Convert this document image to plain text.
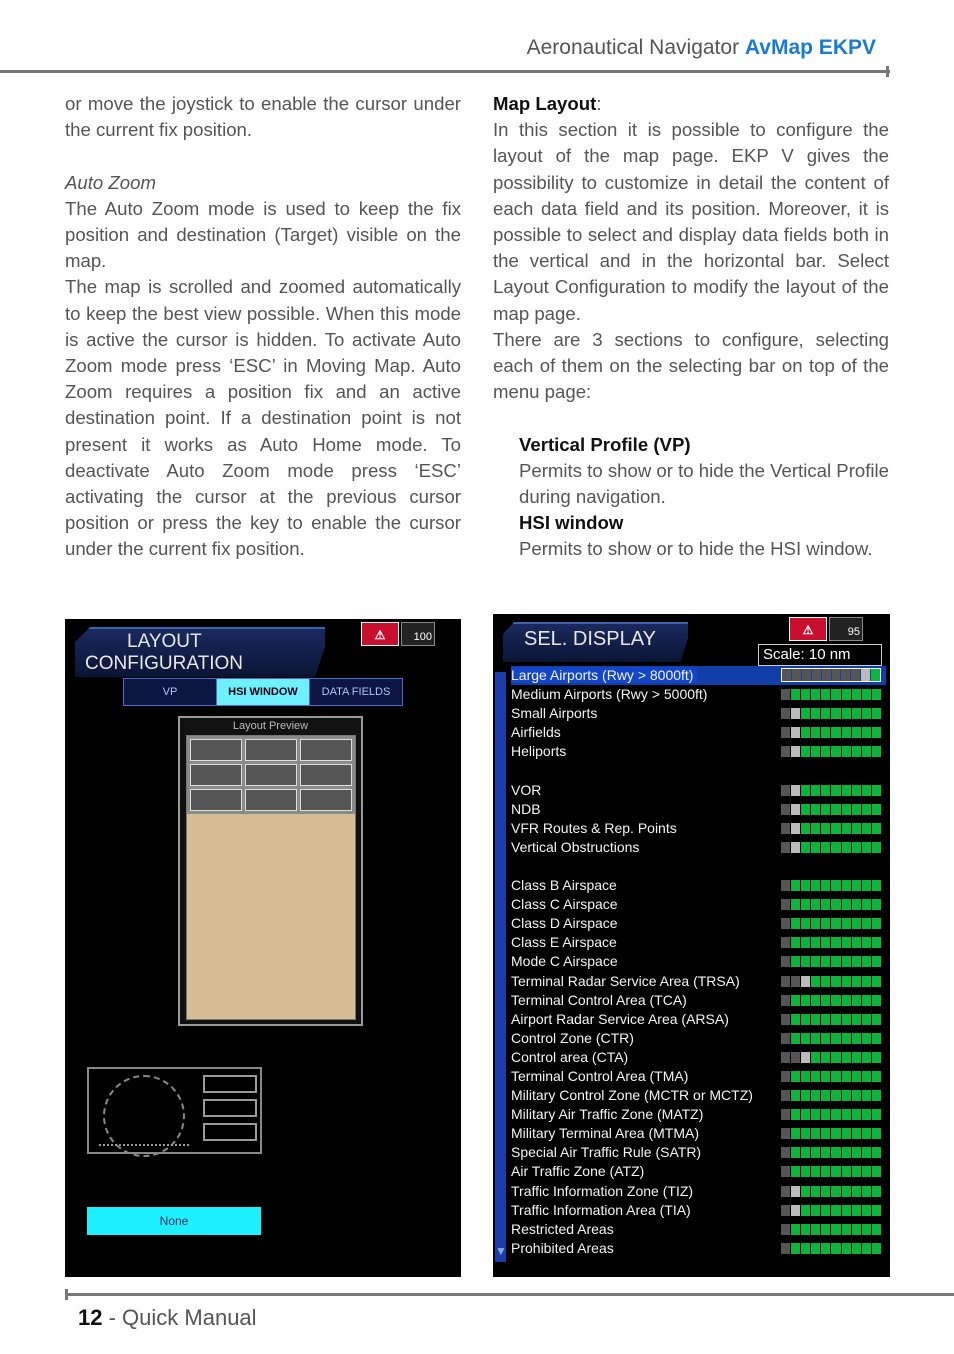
Aeronautical Navigator AvMap EKPV

or move the joystick to enable the cursor under the current fix position.

Auto Zoom

The Auto Zoom mode is used to keep the fix position and destination (Target) visible on the map.

The map is scrolled and zoomed automatically to keep the best view possible. When this mode is active the cursor is hidden. To activate Auto Zoom mode press ‘ESC’ in Moving Map. Auto Zoom requires a position fix and an active destination point. If a destination point is not present it works as Auto Home mode. To deactivate Auto Zoom mode press ‘ESC’ activating the cursor at the previous cursor position or press the key to enable the cursor under the current fix position.

Map Layout:

In this section it is possible to configure the layout of the map page. EKP V gives the possibility to customize in detail the content of each data field and its position. Moreover, it is possible to select and display data fields both in the vertical and in the horizontal bar. Select Layout Configuration to modify the layout of the map page.

There are 3 sections to configure, selecting each of them on the selecting bar on top of the menu page:

Vertical Profile (VP)

Permits to show or to hide the Vertical Profile during navigation.

HSI window

Permits to show or to hide the HSI window.

LAYOUT
CONFIGURATION
⚠	100
VP	HSI WINDOW	DATA FIELDS
Layout Preview
None
SEL. DISPLAY	⚠	95
Scale: 10 nm
▼
Large Airports (Rwy > 8000ft)
Medium Airports (Rwy > 5000ft)
Small Airports
Airfields
Heliports
VOR
NDB
VFR Routes & Rep. Points
Vertical Obstructions
Class B Airspace
Class C Airspace
Class D Airspace
Class E Airspace
Mode C Airspace
Terminal Radar Service Area (TRSA)
Terminal Control Area (TCA)
Airport Radar Service Area (ARSA)
Control Zone (CTR)
Control area (CTA)
Terminal Control Area (TMA)
Military Control Zone (MCTR or MCTZ)
Military Air Traffic Zone (MATZ)
Military Terminal Area (MTMA)
Special Air Traffic Rule (SATR)
Air Traffic Zone (ATZ)
Traffic Information Zone (TIZ)
Traffic Information Area (TIA)
Restricted Areas
Prohibited Areas
12 - Quick Manual
